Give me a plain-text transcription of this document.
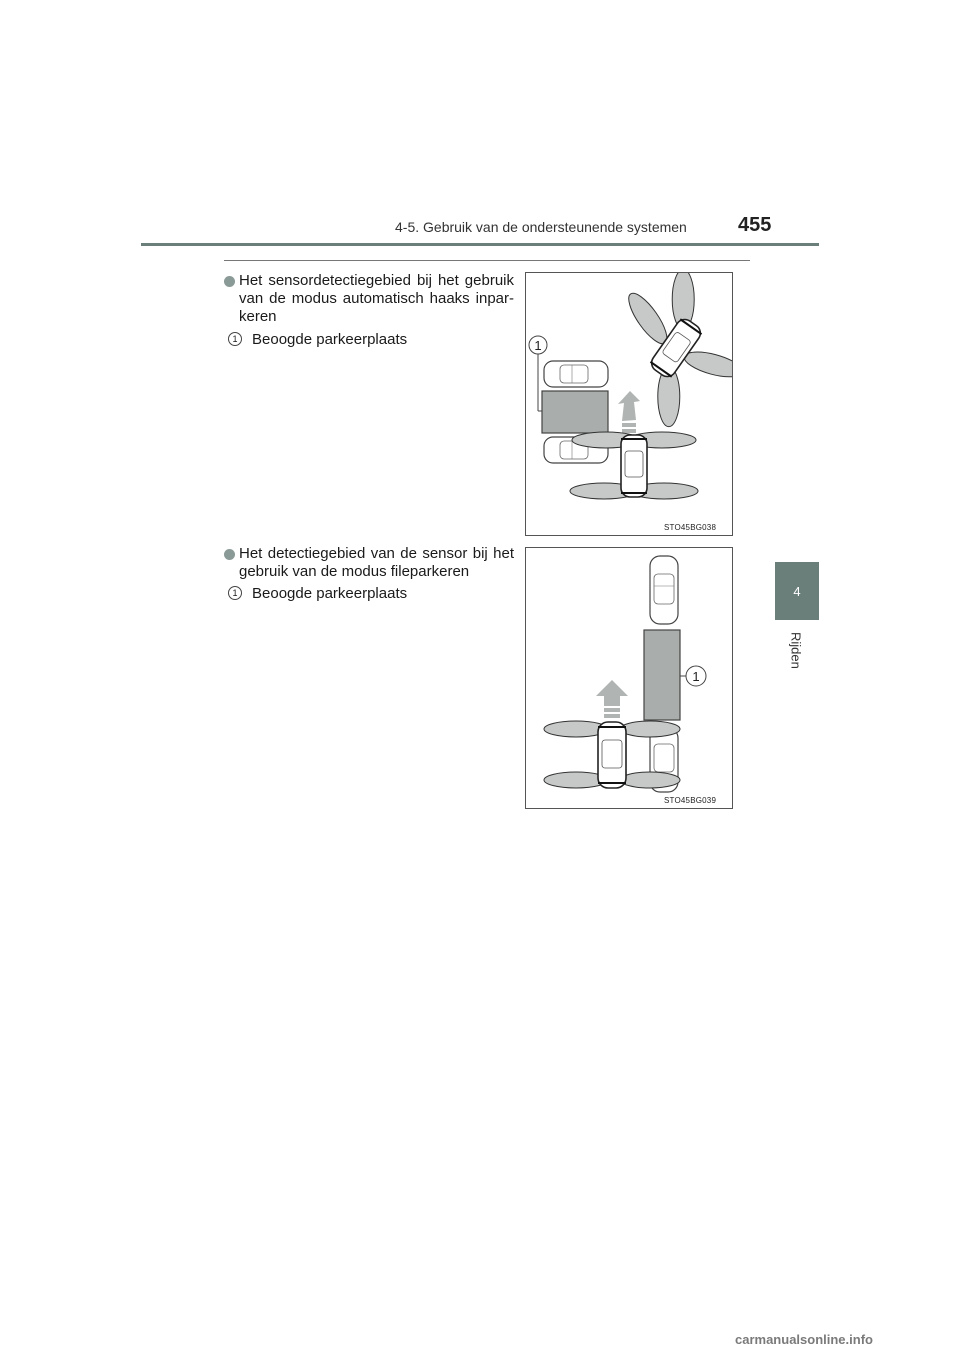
4-5. Gebruik van de ondersteunende systemen	455
4
Rijden
Het sensordetectiegebied bij het gebruik van de modus automatisch haaks inpar-keren
1 Beoogde parkeerplaats	1
STO45BG038
Het detectiegebied van de sensor bij het gebruik van de modus fileparkeren
1 Beoogde parkeerplaats
1
STO45BG039
carmanualsonline.info
